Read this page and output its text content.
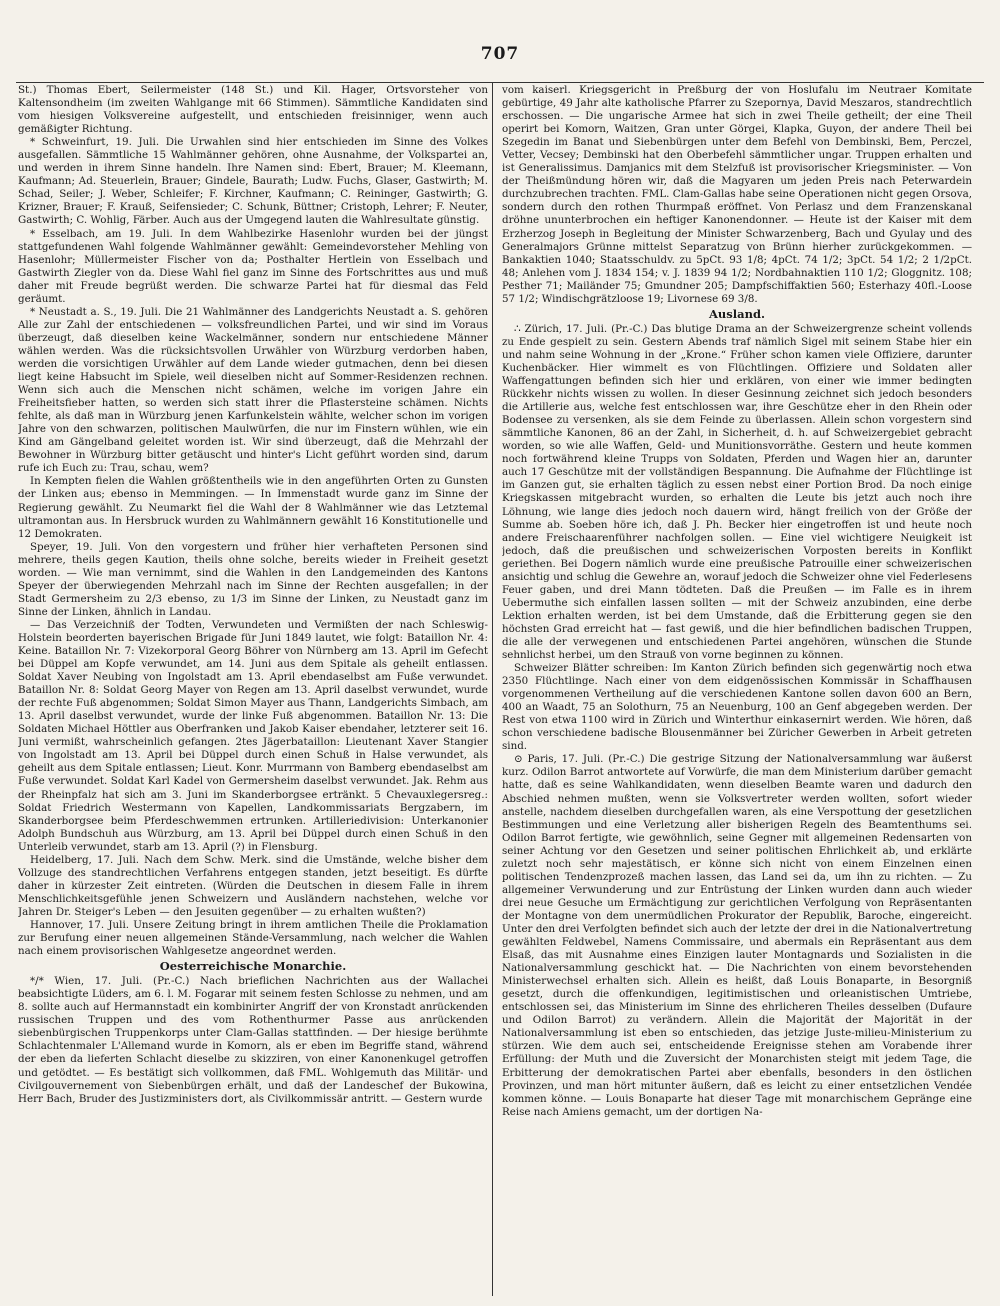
707

St.) Thomas Ebert, Seilermeister (148 St.) und Kil. Hager, Ortsvorsteher von Kaltensondheim (im zweiten Wahlgange mit 66 Stimmen). Sämmtliche Kandidaten sind vom hiesigen Volksvereine aufgestellt, und entschieden freisinniger, wenn auch gemäßigter Richtung.

* Schweinfurt, 19. Juli. Die Urwahlen sind hier entschieden im Sinne des Volkes ausgefallen. Sämmtliche 15 Wahlmänner gehören, ohne Ausnahme, der Volkspartei an, und werden in ihrem Sinne handeln. Ihre Namen sind: Ebert, Brauer; M. Kleemann, Kaufmann; Ad. Steuerlein, Brauer; Gindele, Baurath; Ludw. Fuchs, Glaser, Gastwirth; M. Schad, Seiler; J. Weber, Schleifer; F. Kirchner, Kaufmann; C. Reininger, Gastwirth; G. Krizner, Brauer; F. Krauß, Seifensieder; C. Schunk, Büttner; Cristoph, Lehrer; F. Neuter, Gastwirth; C. Wohlig, Färber. Auch aus der Umgegend lauten die Wahlresultate günstig.

* Esselbach, am 19. Juli. In dem Wahlbezirke Hasenlohr wurden bei der jüngst stattgefundenen Wahl folgende Wahlmänner gewählt: Gemeindevorsteher Mehling von Hasenlohr; Müllermeister Fischer von da; Posthalter Hertlein von Esselbach und Gastwirth Ziegler von da. Diese Wahl fiel ganz im Sinne des Fortschrittes aus und muß daher mit Freude begrüßt werden. Die schwarze Partei hat für diesmal das Feld geräumt.

* Neustadt a. S., 19. Juli. Die 21 Wahlmänner des Landgerichts Neustadt a. S. gehören Alle zur Zahl der entschiedenen — volksfreundlichen Partei, und wir sind im Voraus überzeugt, daß dieselben keine Wackelmänner, sondern nur entschiedene Männer wählen werden. Was die rücksichtsvollen Urwähler von Würzburg verdorben haben, werden die vorsichtigen Urwähler auf dem Lande wieder gutmachen, denn bei diesen liegt keine Habsucht im Spiele, weil dieselben nicht auf Sommer-Residenzen rechnen. Wenn sich auch die Menschen nicht schämen, welche im vorigen Jahre ein Freiheitsfieber hatten, so werden sich statt ihrer die Pflastersteine schämen. Nichts fehlte, als daß man in Würzburg jenen Karfunkelstein wählte, welcher schon im vorigen Jahre von den schwarzen, politischen Maulwürfen, die nur im Finstern wühlen, wie ein Kind am Gängelband geleitet worden ist. Wir sind überzeugt, daß die Mehrzahl der Bewohner in Würzburg bitter getäuscht und hinter's Licht geführt worden sind, darum rufe ich Euch zu: Trau, schau, wem?

In Kempten fielen die Wahlen größtentheils wie in den angeführten Orten zu Gunsten der Linken aus; ebenso in Memmingen. — In Immenstadt wurde ganz im Sinne der Regierung gewählt. Zu Neumarkt fiel die Wahl der 8 Wahlmänner wie das Letztemal ultramontan aus. In Hersbruck wurden zu Wahlmännern gewählt 16 Konstitutionelle und 12 Demokraten.

Speyer, 19. Juli. Von den vorgestern und früher hier verhafteten Personen sind mehrere, theils gegen Kaution, theils ohne solche, bereits wieder in Freiheit gesetzt worden. — Wie man vernimmt, sind die Wahlen in den Landgemeinden des Kantons Speyer der überwiegenden Mehrzahl nach im Sinne der Rechten ausgefallen; in der Stadt Germersheim zu 2/3 ebenso, zu 1/3 im Sinne der Linken, zu Neustadt ganz im Sinne der Linken, ähnlich in Landau.

— Das Verzeichniß der Todten, Verwundeten und Vermißten der nach Schleswig-Holstein beorderten bayerischen Brigade für Juni 1849 lautet, wie folgt: Bataillon Nr. 4: Keine. Bataillon Nr. 7: Vizekorporal Georg Böhrer von Nürnberg am 13. April im Gefecht bei Düppel am Kopfe verwundet, am 14. Juni aus dem Spitale als geheilt entlassen. Soldat Xaver Neubing von Ingolstadt am 13. April ebendaselbst am Fuße verwundet. Bataillon Nr. 8: Soldat Georg Mayer von Regen am 13. April daselbst verwundet, wurde der rechte Fuß abgenommen; Soldat Simon Mayer aus Thann, Landgerichts Simbach, am 13. April daselbst verwundet, wurde der linke Fuß abgenommen. Bataillon Nr. 13: Die Soldaten Michael Höttler aus Oberfranken und Jakob Kaiser ebendaher, letzterer seit 16. Juni vermißt, wahrscheinlich gefangen. 2tes Jägerbataillon: Lieutenant Xaver Stangier von Ingolstadt am 13. April bei Düppel durch einen Schuß in Halse verwundet, als geheilt aus dem Spitale entlassen; Lieut. Konr. Murrmann von Bamberg ebendaselbst am Fuße verwundet. Soldat Karl Kadel von Germersheim daselbst verwundet. Jak. Rehm aus der Rheinpfalz hat sich am 3. Juni im Skanderborgsee ertränkt. 5 Chevauxlegersreg.: Soldat Friedrich Westermann von Kapellen, Landkommissariats Bergzabern, im Skanderborgsee beim Pferdeschwemmen ertrunken. Artilleriedivision: Unterkanonier Adolph Bundschuh aus Würzburg, am 13. April bei Düppel durch einen Schuß in den Unterleib verwundet, starb am 13. April (?) in Flensburg.

Heidelberg, 17. Juli. Nach dem Schw. Merk. sind die Umstände, welche bisher dem Vollzuge des standrechtlichen Verfahrens entgegen standen, jetzt beseitigt. Es dürfte daher in kürzester Zeit eintreten. (Würden die Deutschen in diesem Falle in ihrem Menschlichkeitsgefühle jenen Schweizern und Ausländern nachstehen, welche vor Jahren Dr. Steiger's Leben — den Jesuiten gegenüber — zu erhalten wußten?)

Hannover, 17. Juli. Unsere Zeitung bringt in ihrem amtlichen Theile die Proklamation zur Berufung einer neuen allgemeinen Stände-Versammlung, nach welcher die Wahlen nach einem provisorischen Wahlgesetze angeordnet werden.

Oesterreichische Monarchie.

*/* Wien, 17. Juli. (Pr.-C.) Nach brieflichen Nachrichten aus der Wallachei beabsichtigte Lüders, am 6. l. M. Fogarar mit seinem festen Schlosse zu nehmen, und am 8. sollte auch auf Hermannstadt ein kombinirter Angriff der von Kronstadt anrückenden russischen Truppen und des vom Rothenthurmer Passe aus anrückenden siebenbürgischen Truppenkorps unter Clam-Gallas stattfinden. — Der hiesige berühmte Schlachtenmaler L'Allemand wurde in Komorn, als er eben im Begriffe stand, während der eben da lieferten Schlacht dieselbe zu skizziren, von einer Kanonenkugel getroffen und getödtet. — Es bestätigt sich vollkommen, daß FML. Wohlgemuth das Militär- und Civilgouvernement von Siebenbürgen erhält, und daß der Landeschef der Bukowina, Herr Bach, Bruder des Justizministers dort, als Civilkommissär antritt. — Gestern wurde

vom kaiserl. Kriegsgericht in Preßburg der von Hoslufalu im Neutraer Komitate gebürtige, 49 Jahr alte katholische Pfarrer zu Szepornya, David Meszaros, standrechtlich erschossen. — Die ungarische Armee hat sich in zwei Theile getheilt; der eine Theil operirt bei Komorn, Waitzen, Gran unter Görgei, Klapka, Guyon, der andere Theil bei Szegedin im Banat und Siebenbürgen unter dem Befehl von Dembinski, Bem, Perczel, Vetter, Vecsey; Dembinski hat den Oberbefehl sämmtlicher ungar. Truppen erhalten und ist Generalissimus. Damjanics mit dem Stelzfuß ist provisorischer Kriegsminister. — Von der Theißmündung hören wir, daß die Magyaren um jeden Preis nach Peterwardein durchzubrechen trachten. FML. Clam-Gallas habe seine Operationen nicht gegen Orsova, sondern durch den rothen Thurmpaß eröffnet. Von Perlasz und dem Franzenskanal dröhne ununterbrochen ein heftiger Kanonendonner. — Heute ist der Kaiser mit dem Erzherzog Joseph in Begleitung der Minister Schwarzenberg, Bach und Gyulay und des Generalmajors Grünne mittelst Separatzug von Brünn hierher zurückgekommen. — Bankaktien 1040; Staatsschuldv. zu 5pCt. 93 1/8; 4pCt. 74 1/2; 3pCt. 54 1/2; 2 1/2pCt. 48; Anlehen vom J. 1834 154; v. J. 1839 94 1/2; Nordbahnaktien 110 1/2; Gloggnitz. 108; Pesther 71; Mailänder 75; Gmundner 205; Dampfschiffaktien 560; Esterhazy 40fl.-Loose 57 1/2; Windischgrätzloose 19; Livornese 69 3/8.

Ausland.

∴ Zürich, 17. Juli. (Pr.-C.) Das blutige Drama an der Schweizergrenze scheint vollends zu Ende gespielt zu sein. Gestern Abends traf nämlich Sigel mit seinem Stabe hier ein und nahm seine Wohnung in der „Krone.“ Früher schon kamen viele Offiziere, darunter Kuchenbäcker. Hier wimmelt es von Flüchtlingen. Offiziere und Soldaten aller Waffengattungen befinden sich hier und erklären, von einer wie immer bedingten Rückkehr nichts wissen zu wollen. In dieser Gesinnung zeichnet sich jedoch besonders die Artillerie aus, welche fest entschlossen war, ihre Geschütze eher in den Rhein oder Bodensee zu versenken, als sie dem Feinde zu überlassen. Allein schon vorgestern sind sämmtliche Kanonen, 86 an der Zahl, in Sicherheit, d. h. auf Schweizergebiet gebracht worden, so wie alle Waffen, Geld- und Munitionsvorräthe. Gestern und heute kommen noch fortwährend kleine Trupps von Soldaten, Pferden und Wagen hier an, darunter auch 17 Geschütze mit der vollständigen Bespannung. Die Aufnahme der Flüchtlinge ist im Ganzen gut, sie erhalten täglich zu essen nebst einer Portion Brod. Da noch einige Kriegskassen mitgebracht wurden, so erhalten die Leute bis jetzt auch noch ihre Löhnung, wie lange dies jedoch noch dauern wird, hängt freilich von der Größe der Summe ab. Soeben höre ich, daß J. Ph. Becker hier eingetroffen ist und heute noch andere Freischaarenführer nachfolgen sollen. — Eine viel wichtigere Neuigkeit ist jedoch, daß die preußischen und schweizerischen Vorposten bereits in Konflikt geriethen. Bei Dogern nämlich wurde eine preußische Patrouille einer schweizerischen ansichtig und schlug die Gewehre an, worauf jedoch die Schweizer ohne viel Federlesens Feuer gaben, und drei Mann tödteten. Daß die Preußen — im Falle es in ihrem Uebermuthe sich einfallen lassen sollten — mit der Schweiz anzubinden, eine derbe Lektion erhalten werden, ist bei dem Umstande, daß die Erbitterung gegen sie den höchsten Grad erreicht hat — fast gewiß, und die hier befindlichen badischen Truppen, die alle der verwegenen und entschiedenen Partei angehören, wünschen die Stunde sehnlichst herbei, um den Strauß von vorne beginnen zu können.

Schweizer Blätter schreiben: Im Kanton Zürich befinden sich gegenwärtig noch etwa 2350 Flüchtlinge. Nach einer von dem eidgenössischen Kommissär in Schaffhausen vorgenommenen Vertheilung auf die verschiedenen Kantone sollen davon 600 an Bern, 400 an Waadt, 75 an Solothurn, 75 an Neuenburg, 100 an Genf abgegeben werden. Der Rest von etwa 1100 wird in Zürich und Winterthur einkasernirt werden. Wie hören, daß schon verschiedene badische Blousenmänner bei Züricher Gewerben in Arbeit getreten sind.

⊙ Paris, 17. Juli. (Pr.-C.) Die gestrige Sitzung der Nationalversammlung war äußerst kurz. Odilon Barrot antwortete auf Vorwürfe, die man dem Ministerium darüber gemacht hatte, daß es seine Wahlkandidaten, wenn dieselben Beamte waren und dadurch den Abschied nehmen mußten, wenn sie Volksvertreter werden wollten, sofort wieder anstelle, nachdem dieselben durchgefallen waren, als eine Verspottung der gesetzlichen Bestimmungen und eine Verletzung aller bisherigen Regeln des Beamtenthums sei. Odilon Barrot fertigte, wie gewöhnlich, seine Gegner mit allgemeinen Redensarten von seiner Achtung vor den Gesetzen und seiner politischen Ehrlichkeit ab, und erklärte zuletzt noch sehr majestätisch, er könne sich nicht von einem Einzelnen einen politischen Tendenzprozeß machen lassen, das Land sei da, um ihn zu richten. — Zu allgemeiner Verwunderung und zur Entrüstung der Linken wurden dann auch wieder drei neue Gesuche um Ermächtigung zur gerichtlichen Verfolgung von Repräsentanten der Montagne von dem unermüdlichen Prokurator der Republik, Baroche, eingereicht. Unter den drei Verfolgten befindet sich auch der letzte der drei in die Nationalvertretung gewählten Feldwebel, Namens Commissaire, und abermals ein Repräsentant aus dem Elsaß, das mit Ausnahme eines Einzigen lauter Montagnards und Sozialisten in die Nationalversammlung geschickt hat. — Die Nachrichten von einem bevorstehenden Ministerwechsel erhalten sich. Allein es heißt, daß Louis Bonaparte, in Besorgniß gesetzt, durch die offenkundigen, legitimistischen und orleanistischen Umtriebe, entschlossen sei, das Ministerium im Sinne des ehrlicheren Theiles desselben (Dufaure und Odilon Barrot) zu verändern. Allein die Majorität der Majorität in der Nationalversammlung ist eben so entschieden, das jetzige Juste-milieu-Ministerium zu stürzen. Wie dem auch sei, entscheidende Ereignisse stehen am Vorabende ihrer Erfüllung: der Muth und die Zuversicht der Monarchisten steigt mit jedem Tage, die Erbitterung der demokratischen Partei aber ebenfalls, besonders in den östlichen Provinzen, und man hört mitunter äußern, daß es leicht zu einer entsetzlichen Vendée kommen könne. — Louis Bonaparte hat dieser Tage mit monarchischem Gepränge eine Reise nach Amiens gemacht, um der dortigen Na-
